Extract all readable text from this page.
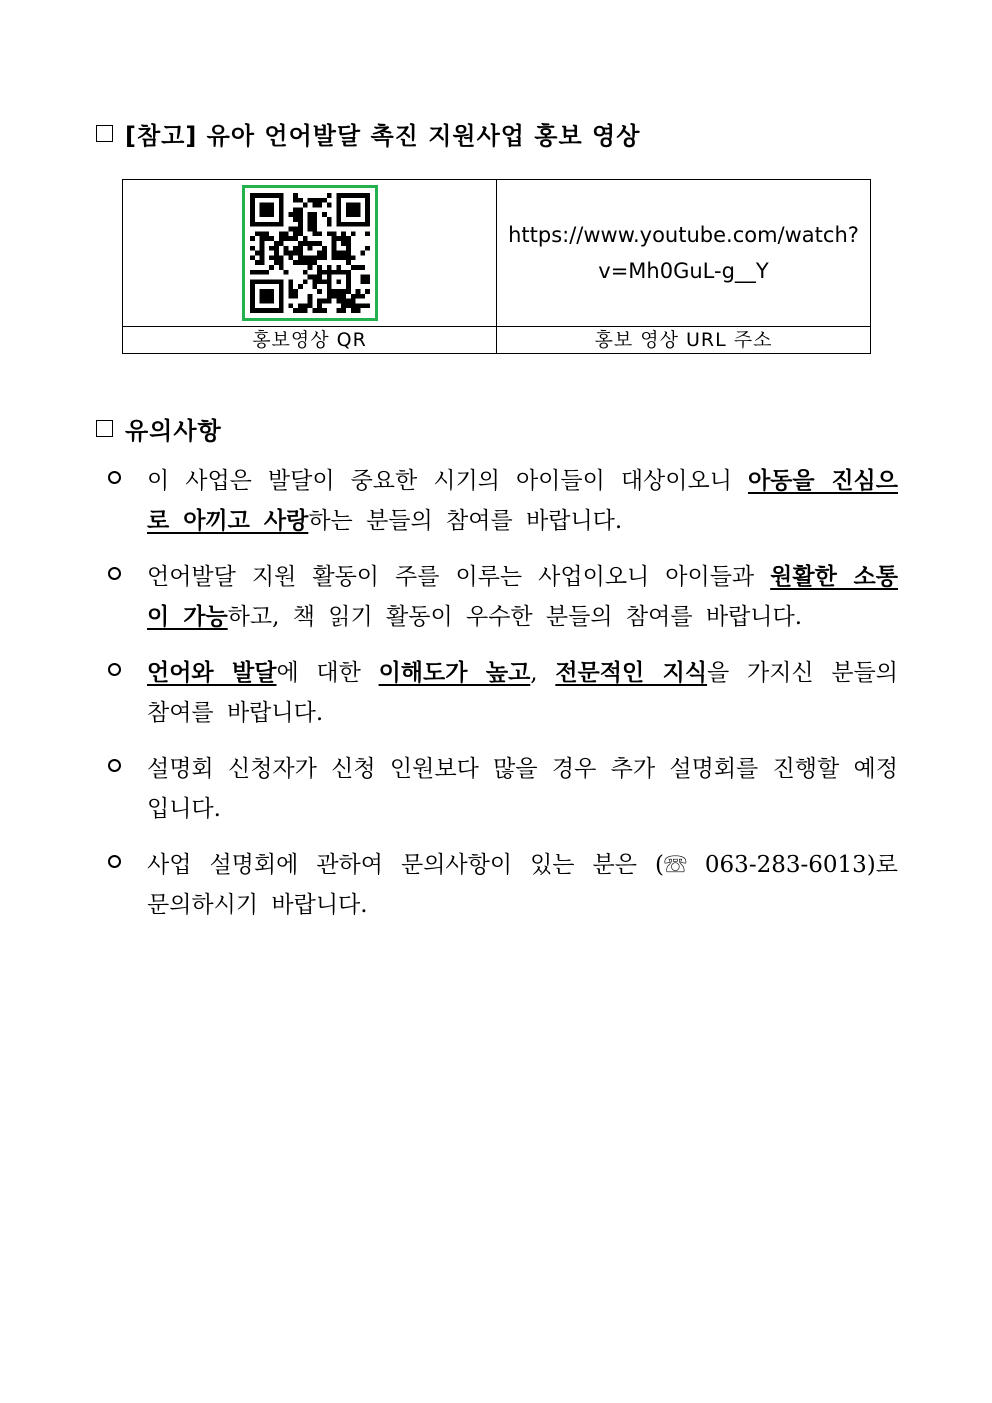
[참고] 유아 언어발달 촉진 지원사업 홍보 영상

https://www.youtube.com/watch?
v=Mh0GuL-g__Y

홍보영상 QR	홍보 영상 URL 주소
유의사항
이 사업은 발달이 중요한 시기의 아이들이 대상이오니 아동을 진심으로 아끼고 사랑하는 분들의 참여를 바랍니다.
언어발달 지원 활동이 주를 이루는 사업이오니 아이들과 원활한 소통이 가능하고, 책 읽기 활동이 우수한 분들의 참여를 바랍니다.
언어와 발달에 대한 이해도가 높고, 전문적인 지식을 가지신 분들의 참여를 바랍니다.
설명회 신청자가 신청 인원보다 많을 경우 추가 설명회를 진행할 예정입니다.
사업 설명회에 관하여 문의사항이 있는 분은 (☏ 063-283-6013)로 문의하시기 바랍니다.
